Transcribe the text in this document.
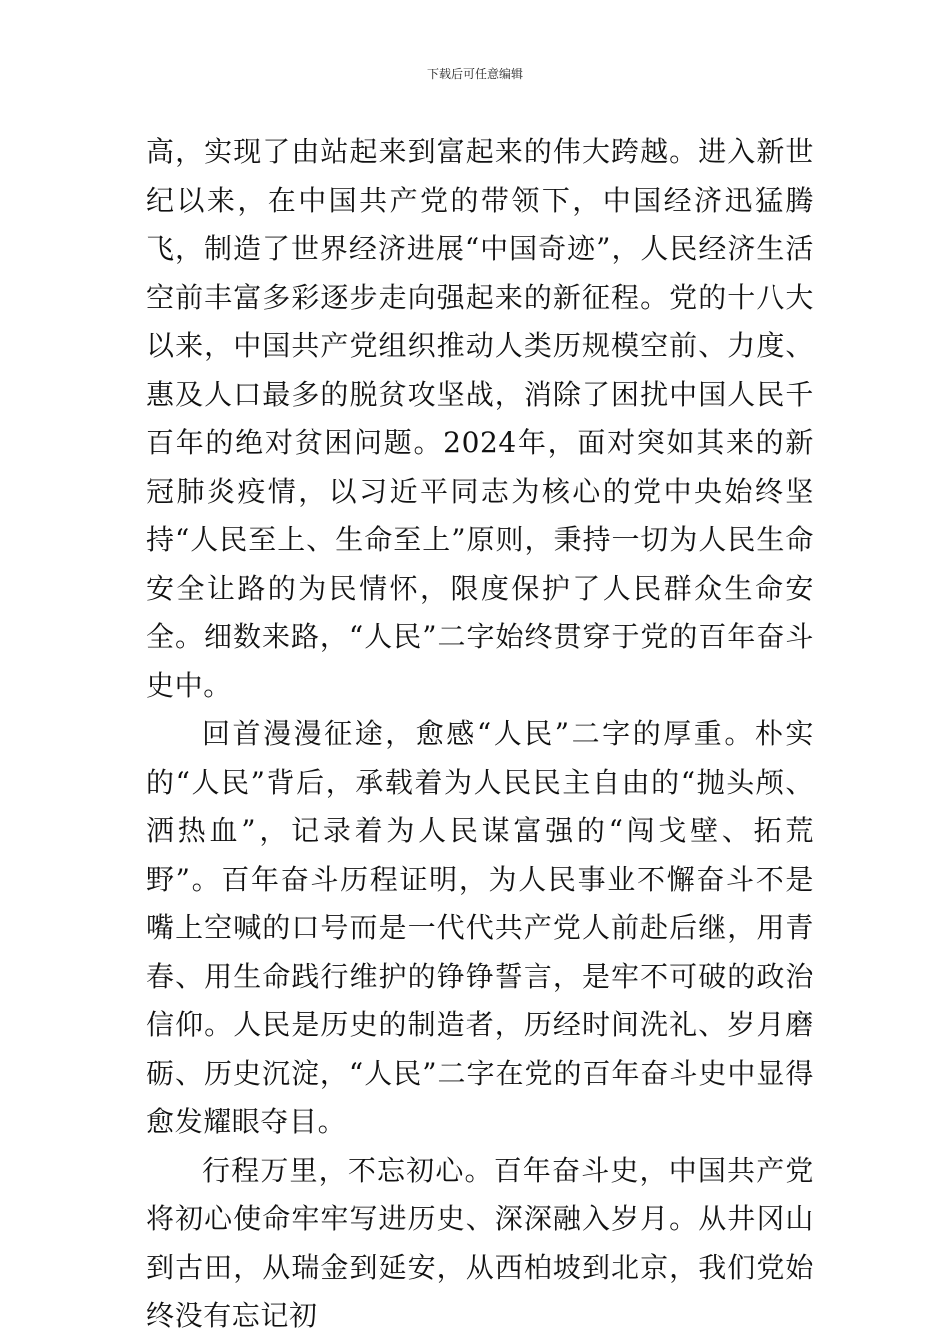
下载后可任意编辑

高，实现了由站起来到富起来的伟大跨越。进入新世纪以来，在中国共产党的带领下，中国经济迅猛腾飞，制造了世界经济进展“中国奇迹”，人民经济生活空前丰富多彩逐步走向强起来的新征程。党的十八大以来，中国共产党组织推动人类历规模空前、力度、惠及人口最多的脱贫攻坚战，消除了困扰中国人民千百年的绝对贫困问题。2024年，面对突如其来的新冠肺炎疫情，以习近平同志为核心的党中央始终坚持“人民至上、生命至上”原则，秉持一切为人民生命安全让路的为民情怀，限度保护了人民群众生命安全。细数来路，“人民”二字始终贯穿于党的百年奋斗史中。

回首漫漫征途，愈感“人民”二字的厚重。朴实的“人民”背后，承载着为人民民主自由的“抛头颅、洒热血”，记录着为人民谋富强的“闯戈壁、拓荒野”。百年奋斗历程证明，为人民事业不懈奋斗不是嘴上空喊的口号而是一代代共产党人前赴后继，用青春、用生命践行维护的铮铮誓言，是牢不可破的政治信仰。人民是历史的制造者，历经时间洗礼、岁月磨砺、历史沉淀，“人民”二字在党的百年奋斗史中显得愈发耀眼夺目。

行程万里，不忘初心。百年奋斗史，中国共产党将初心使命牢牢写进历史、深深融入岁月。从井冈山到古田，从瑞金到延安，从西柏坡到北京，我们党始终没有忘记初
